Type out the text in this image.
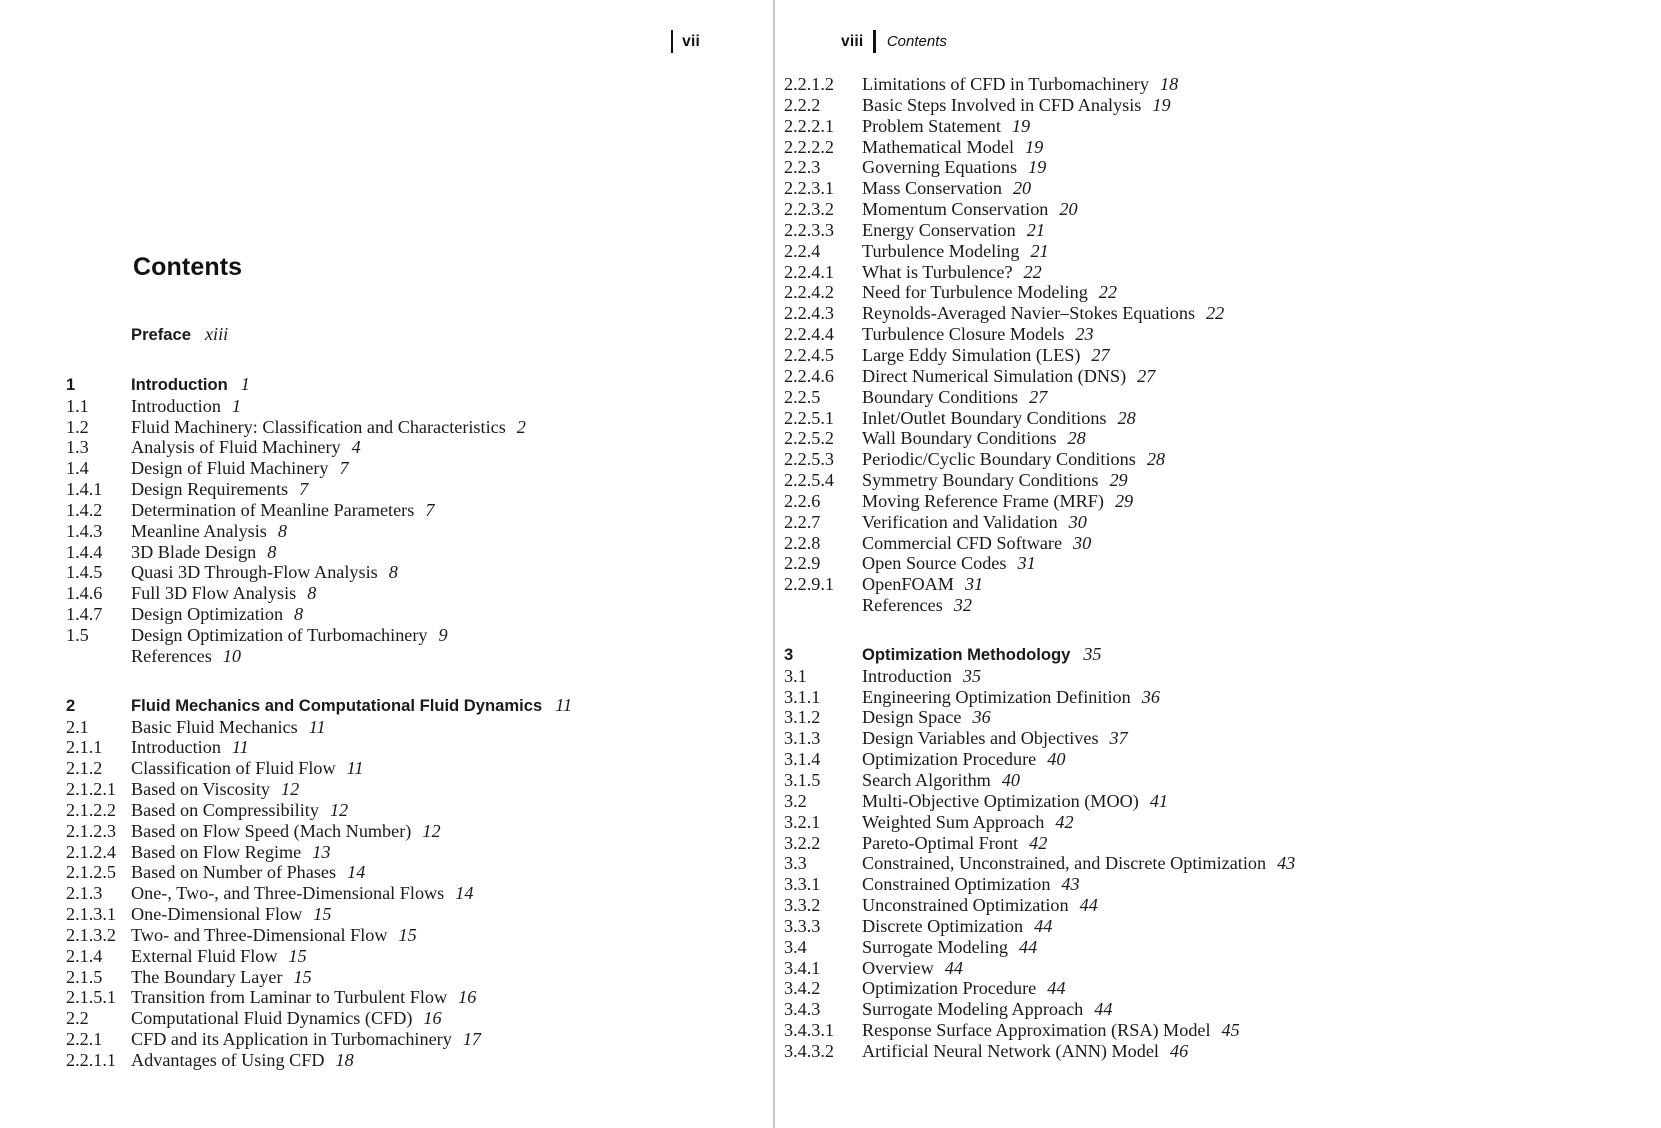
vii
Contents
Preface xiii
1	Introduction 1
1.1	Introduction 1
1.2	Fluid Machinery: Classification and Characteristics 2
1.3	Analysis of Fluid Machinery 4
1.4	Design of Fluid Machinery 7
1.4.1	Design Requirements 7
1.4.2	Determination of Meanline Parameters 7
1.4.3	Meanline Analysis 8
1.4.4	3D Blade Design 8
1.4.5	Quasi 3D Through-Flow Analysis 8
1.4.6	Full 3D Flow Analysis 8
1.4.7	Design Optimization 8
1.5	Design Optimization of Turbomachinery 9
References 10
2	Fluid Mechanics and Computational Fluid Dynamics 11
2.1	Basic Fluid Mechanics 11
2.1.1	Introduction 11
2.1.2	Classification of Fluid Flow 11
2.1.2.1 Based on Viscosity 12
2.1.2.2 Based on Compressibility 12
2.1.2.3 Based on Flow Speed (Mach Number) 12
2.1.2.4 Based on Flow Regime 13
2.1.2.5 Based on Number of Phases 14
2.1.3	One-, Two-, and Three-Dimensional Flows 14
2.1.3.1 One-Dimensional Flow 15
2.1.3.2 Two- and Three-Dimensional Flow 15
2.1.4	External Fluid Flow 15
2.1.5	The Boundary Layer 15
2.1.5.1 Transition from Laminar to Turbulent Flow 16
2.2	Computational Fluid Dynamics (CFD) 16
2.2.1	CFD and its Application in Turbomachinery 17
2.2.1.1 Advantages of Using CFD 18
viii Contents
2.2.1.2	Limitations of CFD in Turbomachinery 18
2.2.2	Basic Steps Involved in CFD Analysis 19
2.2.2.1	Problem Statement 19
2.2.2.2	Mathematical Model 19
2.2.3	Governing Equations 19
2.2.3.1	Mass Conservation 20
2.2.3.2	Momentum Conservation 20
2.2.3.3	Energy Conservation 21
2.2.4	Turbulence Modeling 21
2.2.4.1	What is Turbulence? 22
2.2.4.2	Need for Turbulence Modeling 22
2.2.4.3	Reynolds-Averaged Navier–Stokes Equations 22
2.2.4.4	Turbulence Closure Models 23
2.2.4.5	Large Eddy Simulation (LES) 27
2.2.4.6	Direct Numerical Simulation (DNS) 27
2.2.5	Boundary Conditions 27
2.2.5.1	Inlet/Outlet Boundary Conditions 28
2.2.5.2	Wall Boundary Conditions 28
2.2.5.3	Periodic/Cyclic Boundary Conditions 28
2.2.5.4	Symmetry Boundary Conditions 29
2.2.6	Moving Reference Frame (MRF) 29
2.2.7	Verification and Validation 30
2.2.8	Commercial CFD Software 30
2.2.9	Open Source Codes 31
2.2.9.1	OpenFOAM 31
References 32
3	Optimization Methodology 35
3.1	Introduction 35
3.1.1	Engineering Optimization Definition 36
3.1.2	Design Space 36
3.1.3	Design Variables and Objectives 37
3.1.4	Optimization Procedure 40
3.1.5	Search Algorithm 40
3.2	Multi-Objective Optimization (MOO) 41
3.2.1	Weighted Sum Approach 42
3.2.2	Pareto-Optimal Front 42
3.3	Constrained, Unconstrained, and Discrete Optimization 43
3.3.1	Constrained Optimization 43
3.3.2	Unconstrained Optimization 44
3.3.3	Discrete Optimization 44
3.4	Surrogate Modeling 44
3.4.1	Overview 44
3.4.2	Optimization Procedure 44
3.4.3	Surrogate Modeling Approach 44
3.4.3.1	Response Surface Approximation (RSA) Model 45
3.4.3.2	Artificial Neural Network (ANN) Model 46
